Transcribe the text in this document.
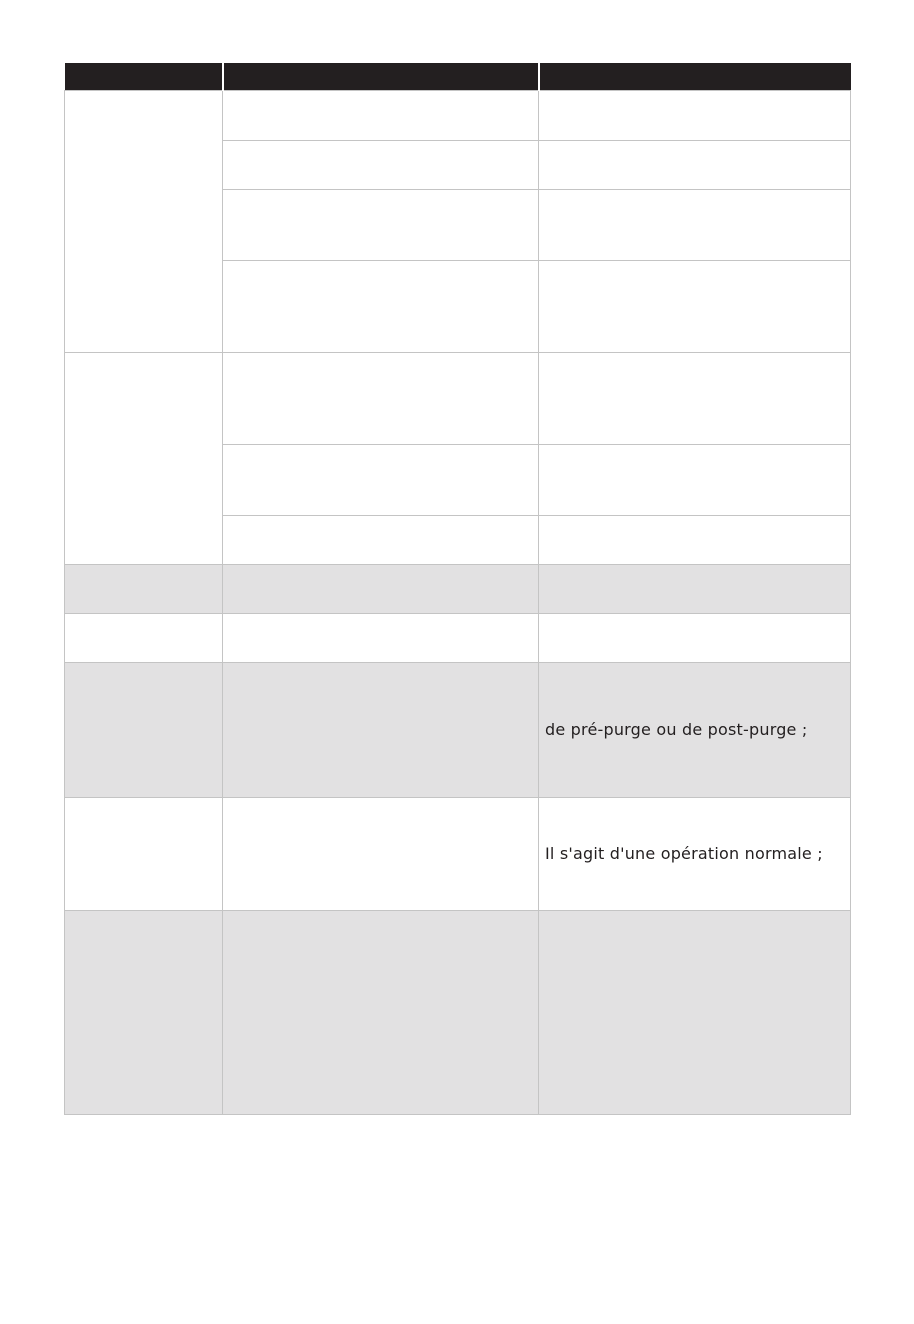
		de pré-purge ou de post-purge ;
		Il s'agit d'une opération normale ;
